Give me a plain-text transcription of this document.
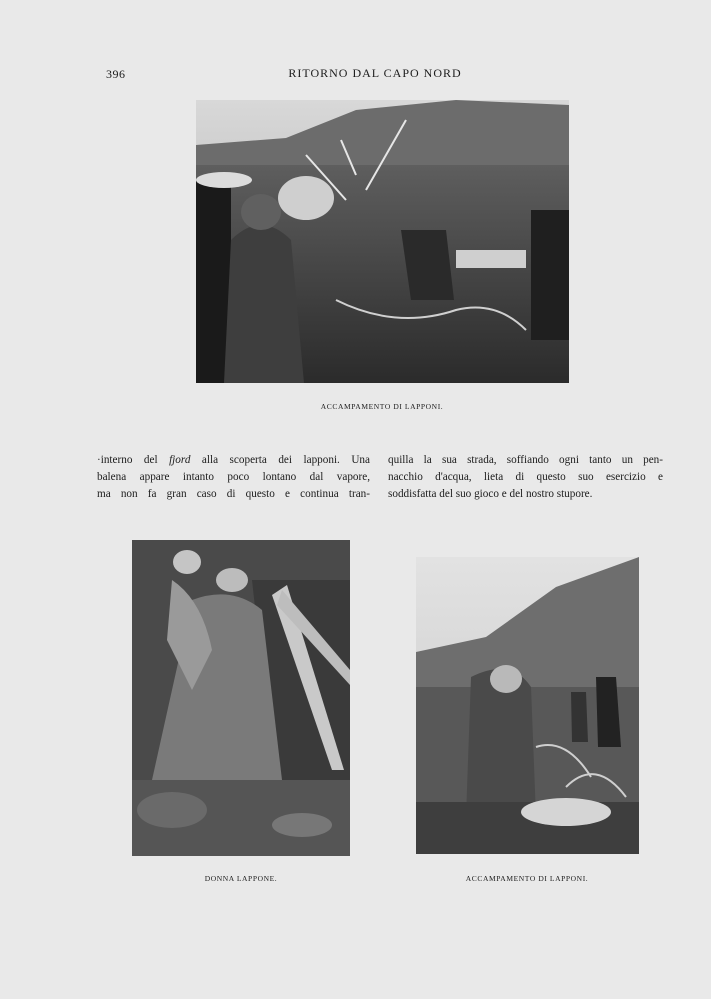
396	RITORNO DAL CAPO NORD
ACCAMPAMENTO DI LAPPONI.
·interno del fjord alla scoperta dei lapponi. Una
balena appare intanto poco lontano dal vapore,
ma non fa gran caso di questo e continua tran-
quilla la sua strada, soffiando ogni tanto un pen-
nacchio d'acqua, lieta di questo suo esercizio e
soddisfatta del suo gioco e del nostro stupore.
DONNA LAPPONE.	ACCAMPAMENTO DI LAPPONI.
